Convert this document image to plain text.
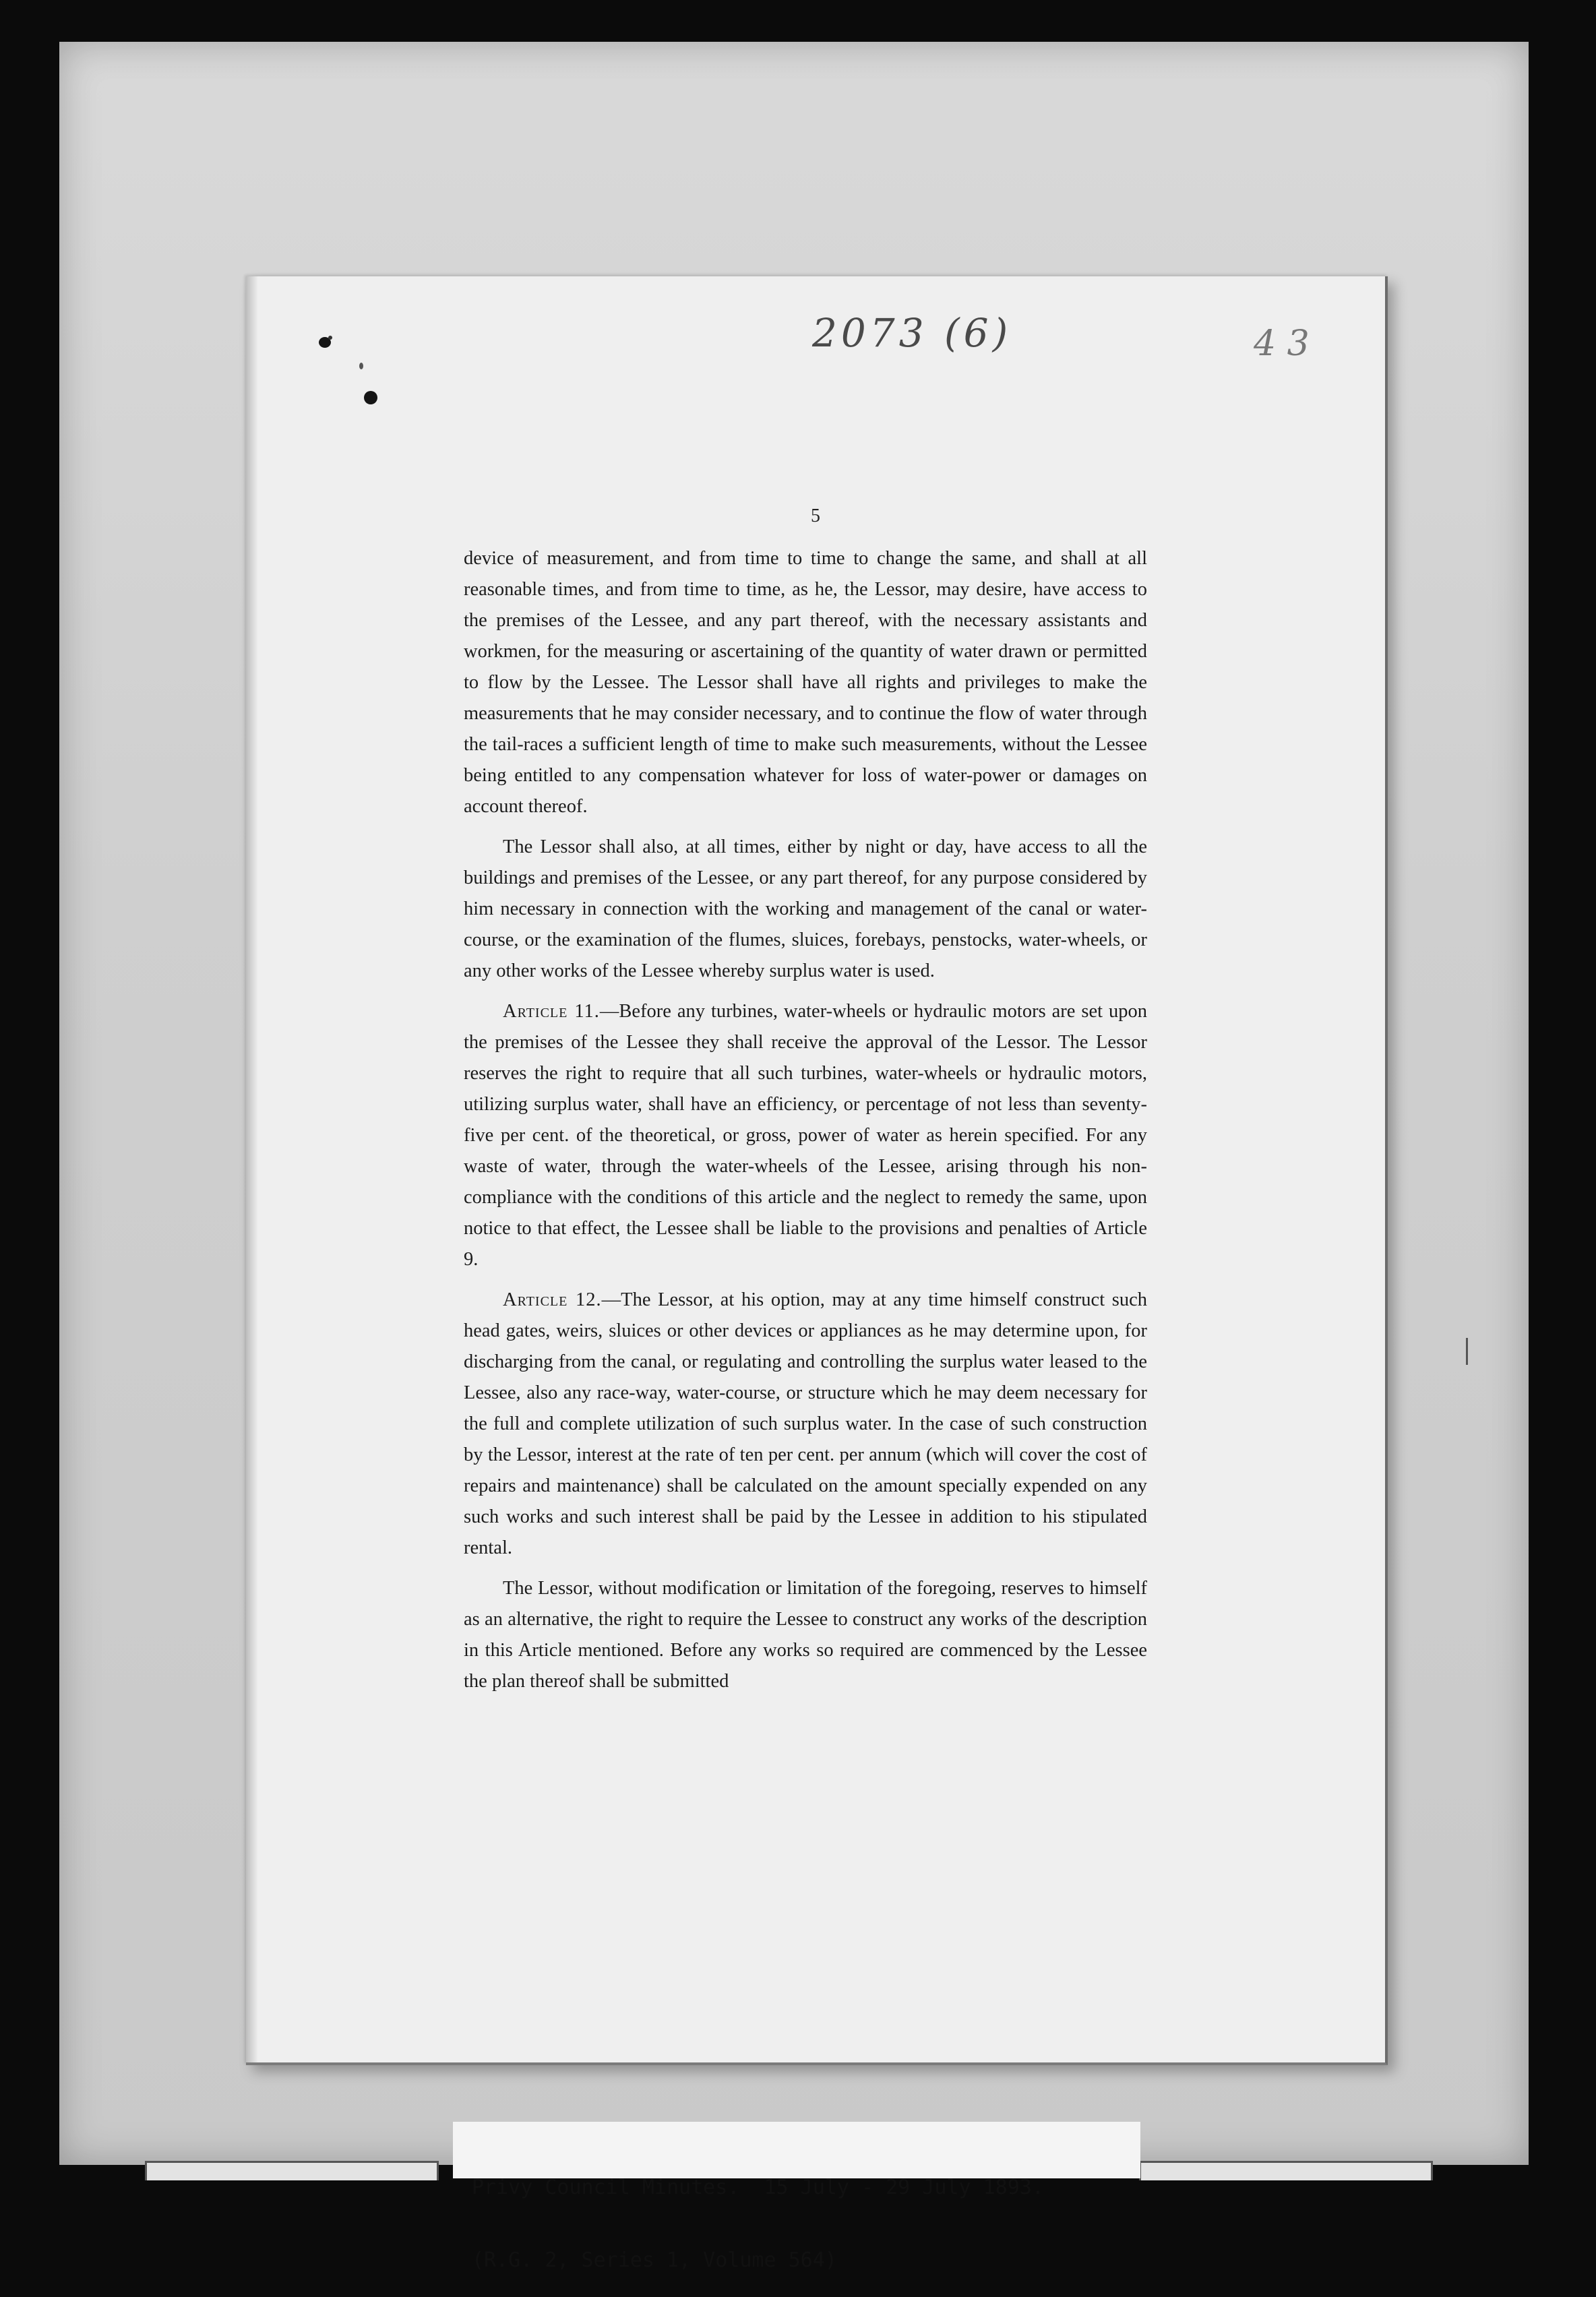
2073 (6)	4 3
5

device of measurement, and from time to time to change the same, and shall at all reasonable times, and from time to time, as he, the Lessor, may desire, have access to the premises of the Lessee, and any part thereof, with the necessary assistants and workmen, for the measuring or ascertaining of the quantity of water drawn or permitted to flow by the Lessee. The Lessor shall have all rights and privileges to make the measurements that he may consider necessary, and to continue the flow of water through the tail-races a sufficient length of time to make such measurements, without the Lessee being entitled to any compensation whatever for loss of water-power or damages on account thereof.

The Lessor shall also, at all times, either by night or day, have access to all the buildings and premises of the Lessee, or any part thereof, for any purpose considered by him necessary in connection with the working and management of the canal or water-course, or the examination of the flumes, sluices, forebays, penstocks, water-wheels, or any other works of the Lessee whereby surplus water is used.

Article 11.—Before any turbines, water-wheels or hydraulic motors are set upon the premises of the Lessee they shall receive the approval of the Lessor. The Lessor reserves the right to require that all such turbines, water-wheels or hydraulic motors, utilizing surplus water, shall have an efficiency, or percentage of not less than seventy-five per cent. of the theoretical, or gross, power of water as herein specified. For any waste of water, through the water-wheels of the Lessee, arising through his non-compliance with the conditions of this article and the neglect to remedy the same, upon notice to that effect, the Lessee shall be liable to the provisions and penalties of Article 9.

Article 12.—The Lessor, at his option, may at any time himself construct such head gates, weirs, sluices or other devices or appliances as he may determine upon, for discharging from the canal, or regulating and controlling the surplus water leased to the Lessee, also any race-way, water-course, or structure which he may deem necessary for the full and complete utilization of such surplus water. In the case of such construction by the Lessor, interest at the rate of ten per cent. per annum (which will cover the cost of repairs and maintenance) shall be calculated on the amount specially expended on any such works and such interest shall be paid by the Lessee in addition to his stipulated rental.

The Lessor, without modification or limitation of the foregoing, reserves to himself as an alternative, the right to require the Lessee to construct any works of the description in this Article mentioned. Before any works so required are commenced by the Lessee the plan thereof shall be submitted

Privy Council Minutes.  15 July - 29 July 1893.

(R.G. 2, Series 1, Volume 564)
